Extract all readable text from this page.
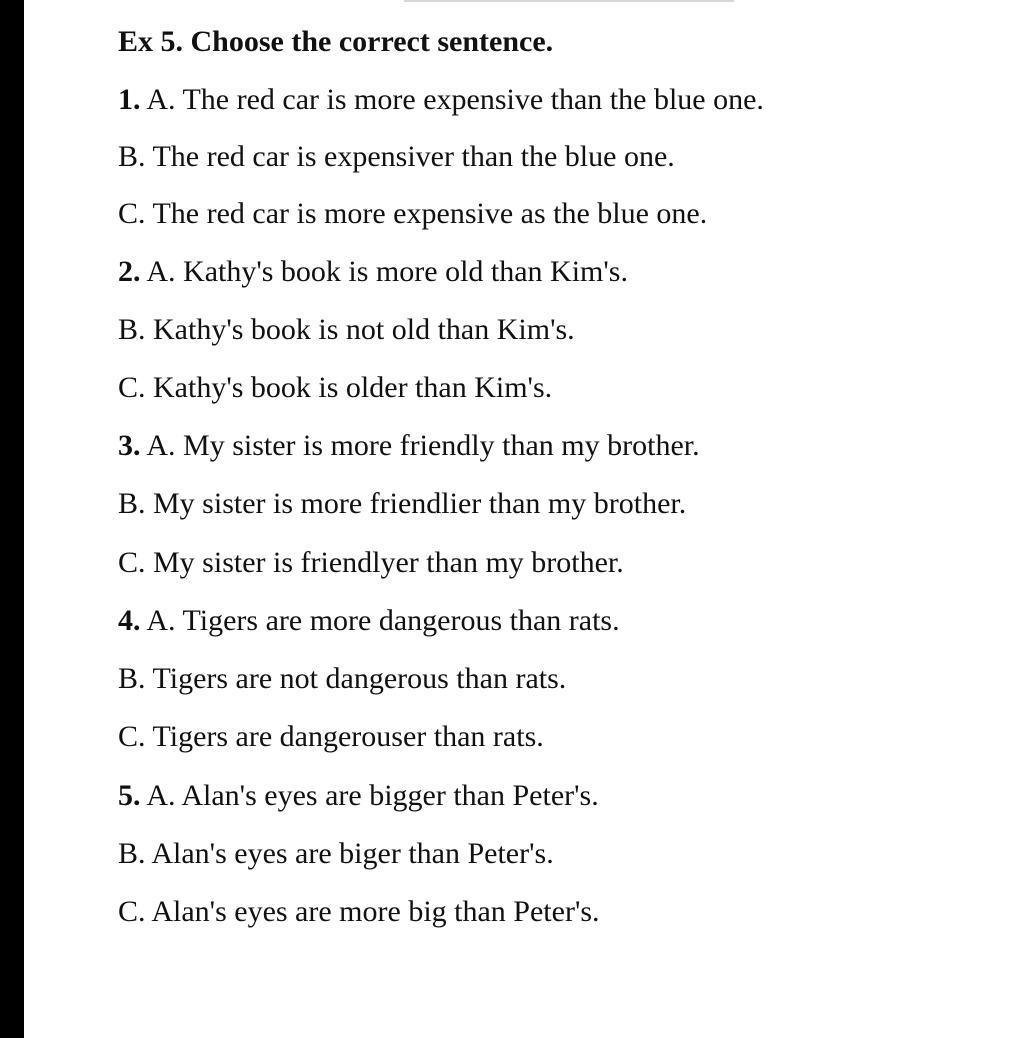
Ex 5. Choose the correct sentence.
1. A. The red car is more expensive than the blue one.
B. The red car is expensiver than the blue one.
C. The red car is more expensive as the blue one.
2. A. Kathy's book is more old than Kim's.
B. Kathy's book is not old than Kim's.
C. Kathy's book is older than Kim's.
3. A. My sister is more friendly than my brother.
B. My sister is more friendlier than my brother.
C. My sister is friendlyer than my brother.
4. A. Tigers are more dangerous than rats.
B. Tigers are not dangerous than rats.
C. Tigers are dangerouser than rats.
5. A. Alan's eyes are bigger than Peter's.
B. Alan's eyes are biger than Peter's.
C. Alan's eyes are more big than Peter's.
